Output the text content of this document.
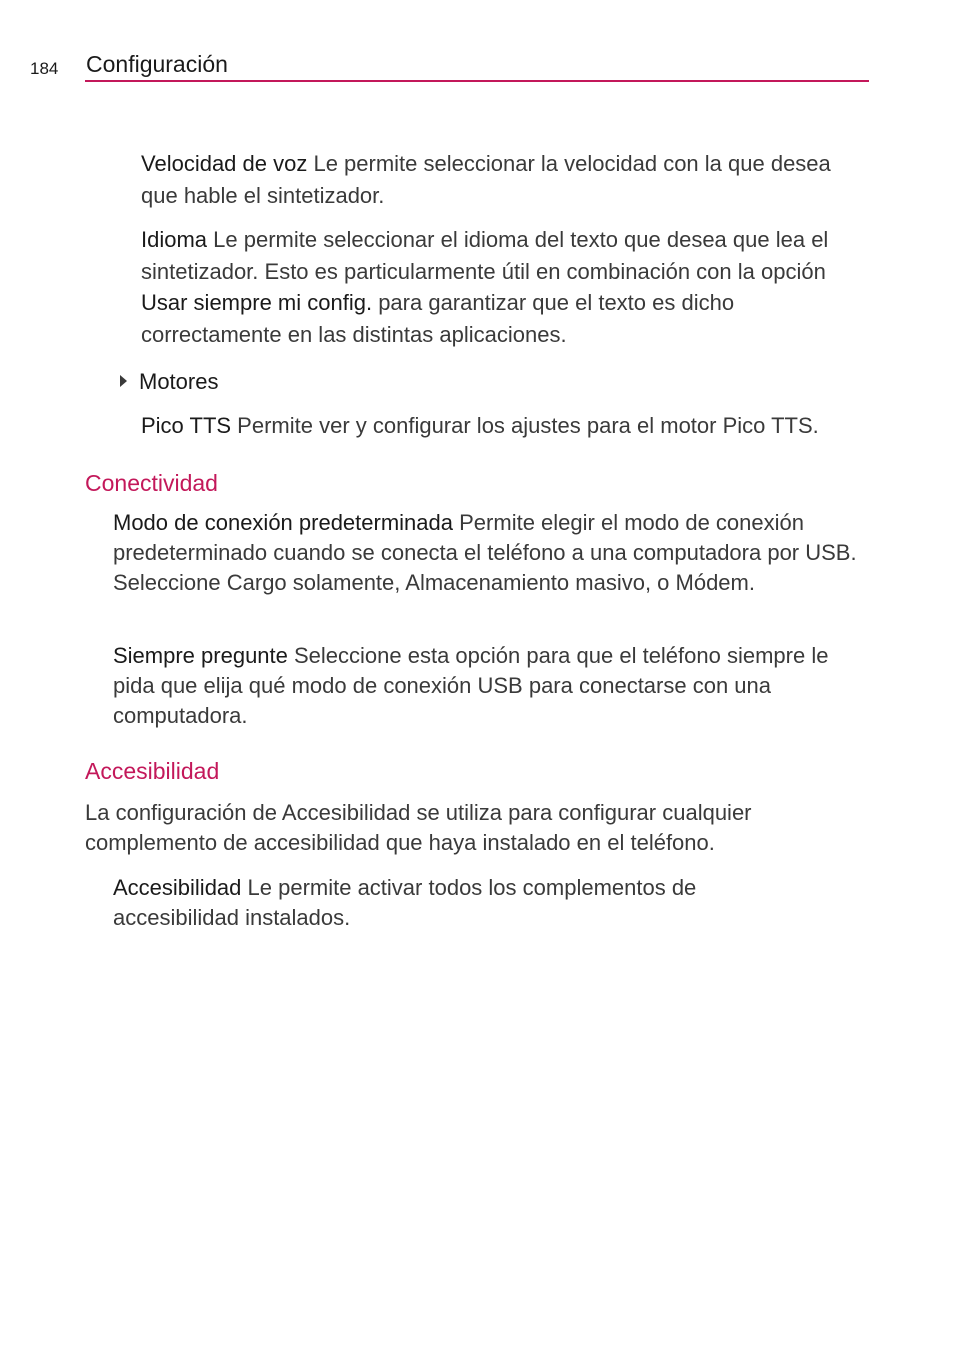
184 Configuración

Velocidad de voz Le permite seleccionar la velocidad con la que desea que hable el sintetizador.

Idioma Le permite seleccionar el idioma del texto que desea que lea el sintetizador. Esto es particularmente útil en combinación con la opción Usar siempre mi config. para garantizar que el texto es dicho correctamente en las distintas aplicaciones.

Motores

Pico TTS Permite ver y configurar los ajustes para el motor Pico TTS.

Conectividad

Modo de conexión predeterminada Permite elegir el modo de conexión predeterminado cuando se conecta el teléfono a una computadora por USB. Seleccione Cargo solamente, Almacenamiento masivo, o Módem.

Siempre pregunte Seleccione esta opción para que el teléfono siempre le pida que elija qué modo de conexión USB para conectarse con una computadora.

Accesibilidad

La configuración de Accesibilidad se utiliza para configurar cualquier complemento de accesibilidad que haya instalado en el teléfono.

Accesibilidad Le permite activar todos los complementos de accesibilidad instalados.
